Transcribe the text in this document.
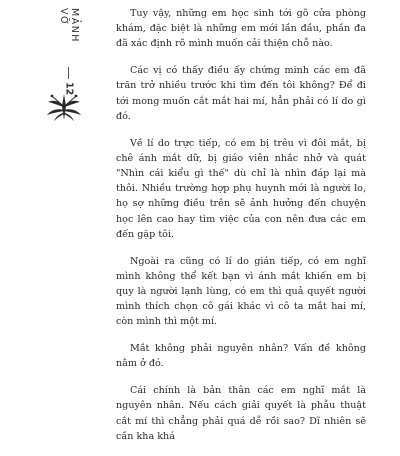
MẢNH VỠ
12

Tuy vậy, những em học sinh tới gõ cửa phòng khám, đặc biệt là những em mới lần đầu, phần đa đã xác định rõ mình muốn cải thiện chỗ nào.

Các vị có thấy điều ấy chứng minh các em đã trăn trở nhiều trước khi tìm đến tôi không? Để đi tới mong muốn cắt mắt hai mí, hẳn phải có lí do gì đó.

Về lí do trực tiếp, có em bị trêu vì đôi mắt, bị chê ánh mắt dữ, bị giáo viên nhắc nhở và quát "Nhìn cái kiểu gì thế" dù chỉ là nhìn đáp lại mà thôi. Nhiều trường hợp phụ huynh mới là người lo, họ sợ những điều trên sẽ ảnh hưởng đến chuyện học lên cao hay tìm việc của con nên đưa các em đến gặp tôi.

Ngoài ra cũng có lí do gián tiếp, có em nghĩ mình không thể kết bạn vì ánh mắt khiến em bị quy là người lạnh lùng, có em thì quả quyết người mình thích chọn cô gái khác vì cô ta mắt hai mí, còn mình thì một mí.

Mắt không phải nguyên nhân? Vấn đề không nằm ở đó.

Cái chính là bản thân các em nghĩ mắt là nguyên nhân. Nếu cách giải quyết là phẫu thuật cắt mí thì chẳng phải quá dễ rồi sao? Dĩ nhiên sẽ cần kha khá
